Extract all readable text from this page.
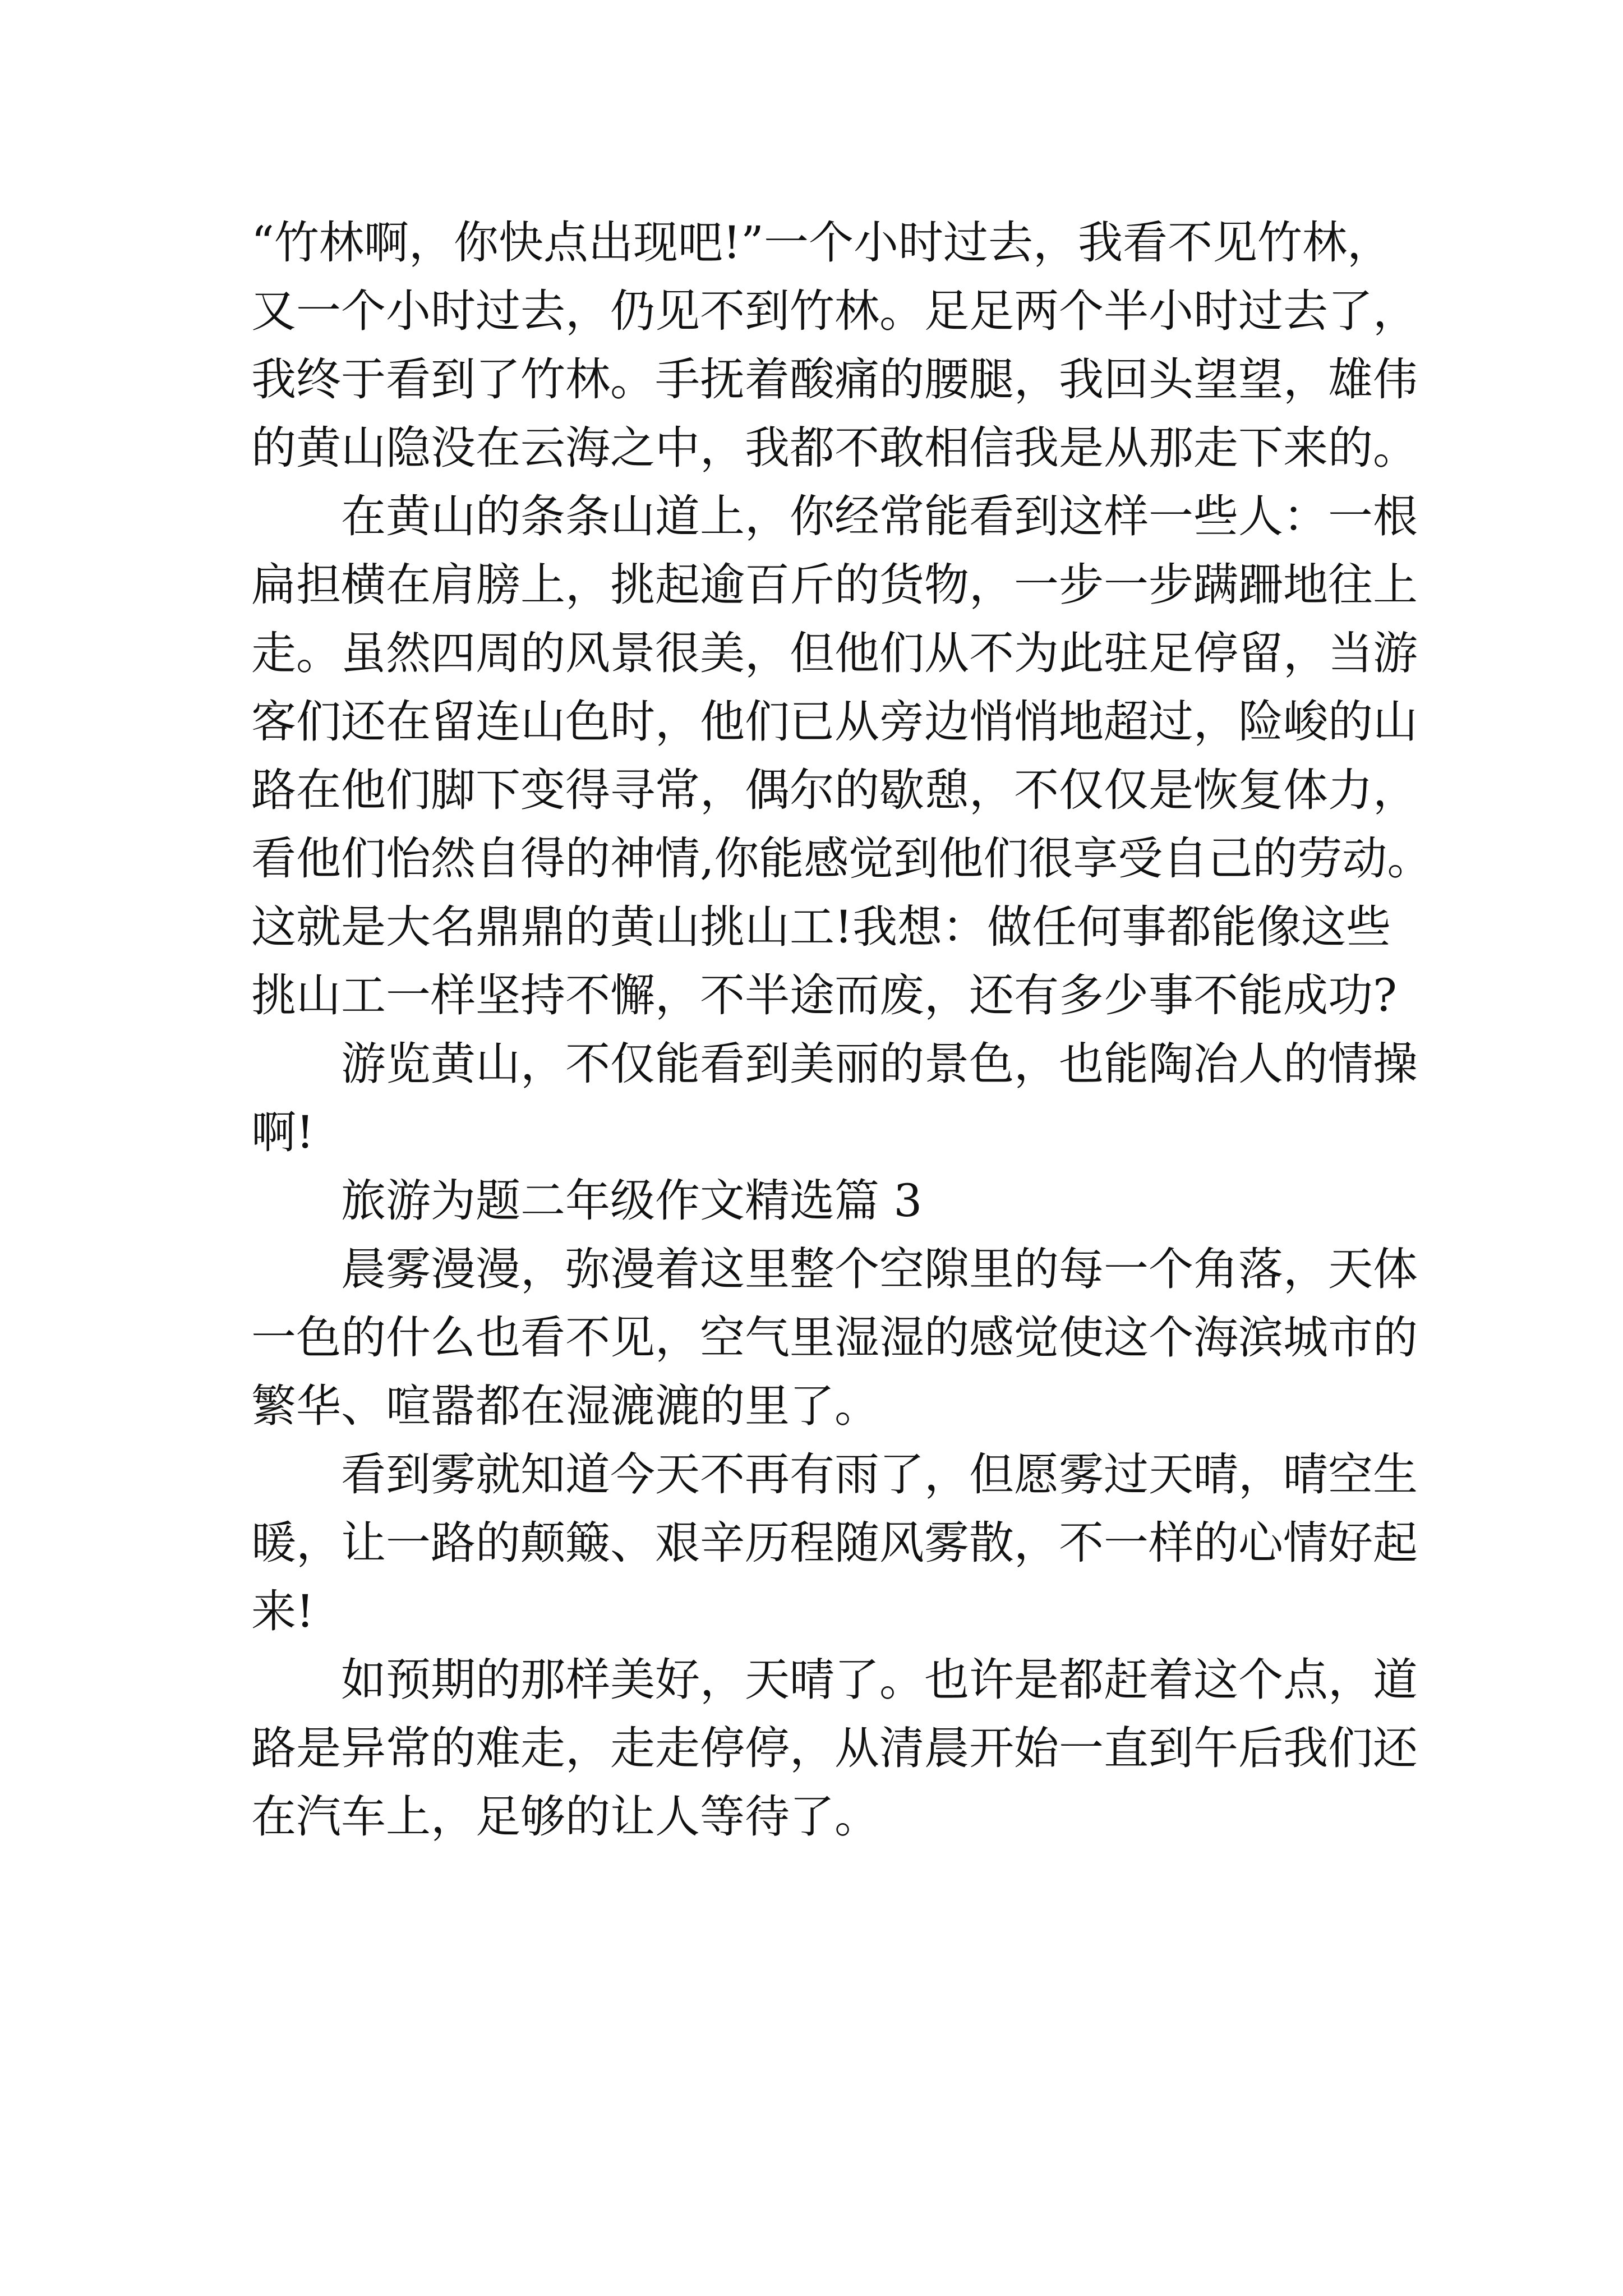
“竹林啊，你快点出现吧!”一个小时过去，我看不见竹林，
又一个小时过去，仍见不到竹林。足足两个半小时过去了，
我终于看到了竹林。手抚着酸痛的腰腿，我回头望望，雄伟
的黄山隐没在云海之中，我都不敢相信我是从那走下来的。
在黄山的条条山道上，你经常能看到这样一些人：一根
扁担横在肩膀上，挑起逾百斤的货物，一步一步蹒跚地往上
走。虽然四周的风景很美，但他们从不为此驻足停留，当游
客们还在留连山色时，他们已从旁边悄悄地超过，险峻的山
路在他们脚下变得寻常，偶尔的歇憩，不仅仅是恢复体力，
看他们怡然自得的神情,你能感觉到他们很享受自己的劳动。
这就是大名鼎鼎的黄山挑山工!我想：做任何事都能像这些
挑山工一样坚持不懈，不半途而废，还有多少事不能成功?
游览黄山，不仅能看到美丽的景色，也能陶冶人的情操
啊!
旅游为题二年级作文精选篇 3
晨雾漫漫，弥漫着这里整个空隙里的每一个角落，天体
一色的什么也看不见，空气里湿湿的感觉使这个海滨城市的
繁华、喧嚣都在湿漉漉的里了。
看到雾就知道今天不再有雨了，但愿雾过天晴，晴空生
暖，让一路的颠簸、艰辛历程随风雾散，不一样的心情好起
来!
如预期的那样美好，天晴了。也许是都赶着这个点，道
路是异常的难走，走走停停，从清晨开始一直到午后我们还
在汽车上，足够的让人等待了。
